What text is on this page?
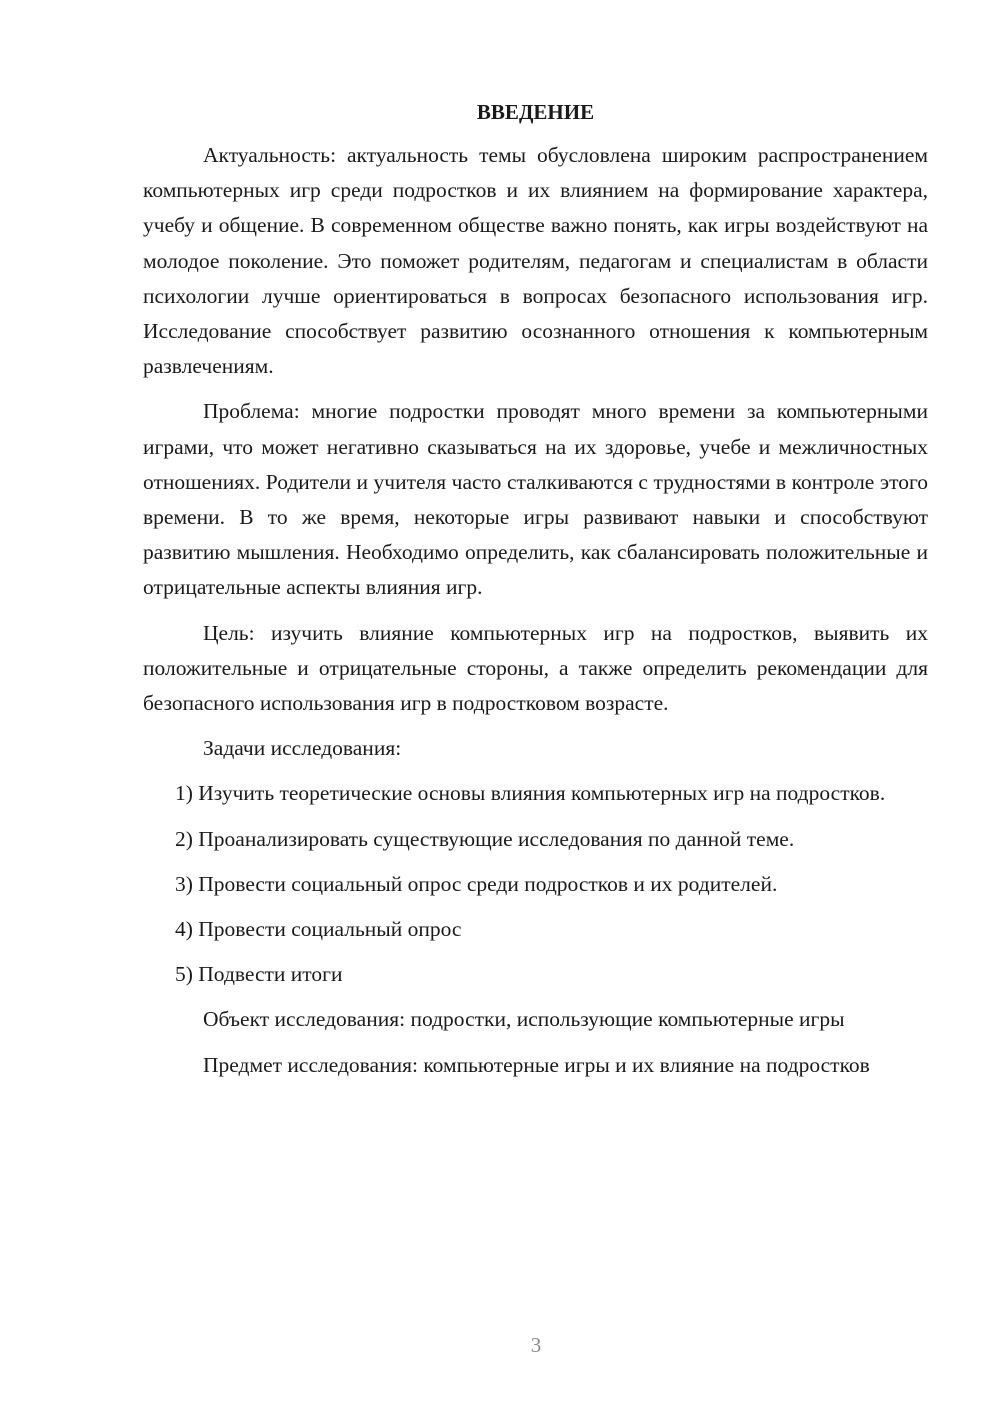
ВВЕДЕНИЕ

Актуальность: актуальность темы обусловлена широким распространением компьютерных игр среди подростков и их влиянием на формирование характера, учебу и общение. В современном обществе важно понять, как игры воздействуют на молодое поколение. Это поможет родителям, педагогам и специалистам в области психологии лучше ориентироваться в вопросах безопасного использования игр. Исследование способствует развитию осознанного отношения к компьютерным развлечениям.

Проблема: многие подростки проводят много времени за компьютерными играми, что может негативно сказываться на их здоровье, учебе и межличностных отношениях. Родители и учителя часто сталкиваются с трудностями в контроле этого времени. В то же время, некоторые игры развивают навыки и способствуют развитию мышления. Необходимо определить, как сбалансировать положительные и отрицательные аспекты влияния игр.

Цель: изучить влияние компьютерных игр на подростков, выявить их положительные и отрицательные стороны, а также определить рекомендации для безопасного использования игр в подростковом возрасте.

Задачи исследования:

1) Изучить теоретические основы влияния компьютерных игр на подростков.

2) Проанализировать существующие исследования по данной теме.

3) Провести социальный опрос среди подростков и их родителей.

4) Провести социальный опрос

5) Подвести итоги

Объект исследования: подростки, использующие компьютерные игры

Предмет исследования: компьютерные игры и их влияние на подростков

3
